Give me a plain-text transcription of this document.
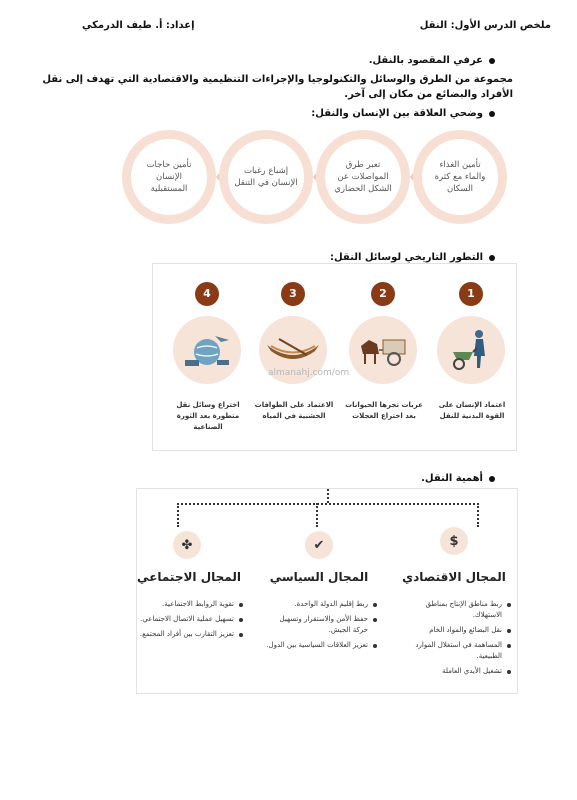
ملخص الدرس الأول: النقل
إعداد: أ. طيف الدرمكي
عرفي المقصود بالنقل.
مجموعة من الطرق والوسائل والتكنولوجيا والإجراءات التنظيمية والاقتصادية التي تهدف إلى نقل الأفراد والبضائع من مكان إلى آخر.
وضحي العلاقة بين الإنسان والنقل:
تأمين حاجات الإنسان المستقبلية
إشباع رغبات الإنسان في التنقل
تعبر طرق المواصلات عن الشكل الحضاري
تأمين الغذاء والماء مع كثرة السكان
التطور التاريخي لوسائل النقل:
4
اختراع وسائل نقل متطورة بعد الثورة الصناعية
3
الاعتماد على الطوافات الخشبية في المياه
2
عربات تجرها الحيوانات بعد اختراع العجلات
1
اعتماد الإنسان على القوة البدنية للنقل
almanahj.com/om
أهمية النقل.
$
المجال الاقتصادي
ربط مناطق الإنتاج بمناطق الاستهلاك.
نقل البضائع والمواد الخام
المساهمة في استغلال الموارد الطبيعية.
تشغيل الأيدي العاملة
✔
المجال السياسي
ربط إقليم الدولة الواحدة.
حفظ الأمن والاستقرار وتسهيل حركة الجيش.
تعزيز العلاقات السياسية بين الدول.
✤
المجال الاجتماعي
تقوية الروابط الاجتماعية.
تسهيل عملية الاتصال الاجتماعي.
تعزيز التقارب بين أفراد المجتمع.
